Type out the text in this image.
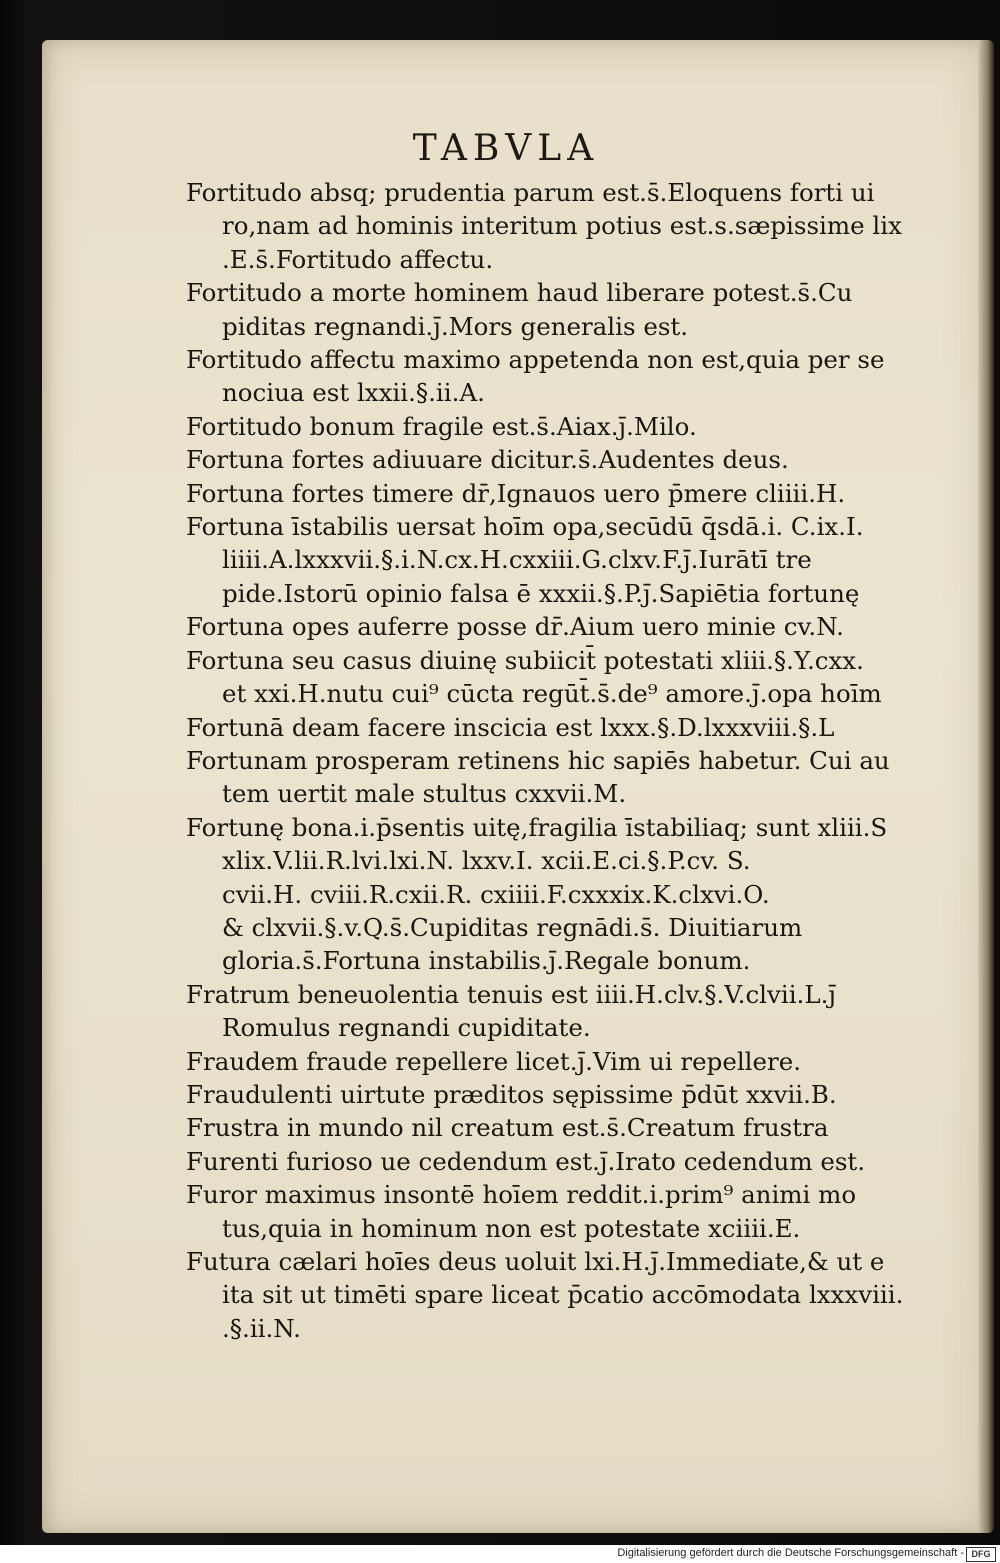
TABVLA
Fortitudo absq; prudentia parum est.s̄.Eloquens forti ui
ro,nam ad hominis interitum potius est.s.sæpissime lix
.E.s̄.Fortitudo affectu.
Fortitudo a morte hominem haud liberare potest.s̄.Cu
piditas regnandi.j̄.Mors generalis est.
Fortitudo affectu maximo appetenda non est,quia per se
nociua est lxxii.§.ii.A.
Fortitudo bonum fragile est.s̄.Aiax.j̄.Milo.
Fortuna fortes adiuuare dicitur.s̄.Audentes deus.
Fortuna fortes timere dr̄,Ignauos uero p̄mere cliiii.H.
Fortuna īstabilis uersat hoīm opa,secūdū q̄sdā.i. C.ix.I.
liiii.A.lxxxvii.§.i.N.cx.H.cxxiii.G.clxv.F.j̄.Iurātī tre
pide.Istorū opinio falsa ē xxxii.§.P.j̄.Sapiētia fortunę
Fortuna opes auferre posse dr̄.Aium uero minie cv.N.
Fortuna seu casus diuinę subiicit̄ potestati xliii.§.Y.cxx.
et xxi.H.nutu cui⁹ cūcta regūt̄.s̄.de⁹ amore.j̄.opa hoīm
Fortunā deam facere inscicia est lxxx.§.D.lxxxviii.§.L
Fortunam prosperam retinens hic sapiēs habetur. Cui au
tem uertit male stultus cxxvii.M.
Fortunę bona.i.p̄sentis uitę,fragilia īstabiliaq; sunt xliii.S
xlix.V.lii.R.lvi.lxi.N. lxxv.I. xcii.E.ci.§.P.cv. S.
cvii.H. cviii.R.cxii.R. cxiiii.F.cxxxix.K.clxvi.O.
& clxvii.§.v.Q.s̄.Cupiditas regnādi.s̄. Diuitiarum
gloria.s̄.Fortuna instabilis.j̄.Regale bonum.
Fratrum beneuolentia tenuis est iiii.H.clv.§.V.clvii.L.j̄
Romulus regnandi cupiditate.
Fraudem fraude repellere licet.j̄.Vim ui repellere.
Fraudulenti uirtute præditos sępissime p̄dūt xxvii.B.
Frustra in mundo nil creatum est.s̄.Creatum frustra
Furenti furioso ue cedendum est.j̄.Irato cedendum est.
Furor maximus insontē hoīem reddit.i.prim⁹ animi mo
tus,quia in hominum non est potestate xciiii.E.
Futura cælari hoīes deus uoluit lxi.H.j̄.Immediate,& ut e
ita sit ut timēti spare liceat p̄catio accōmodata lxxxviii.
.§.ii.N.
Digitalisierung gefördert durch die Deutsche Forschungsgemeinschaft - DFG
